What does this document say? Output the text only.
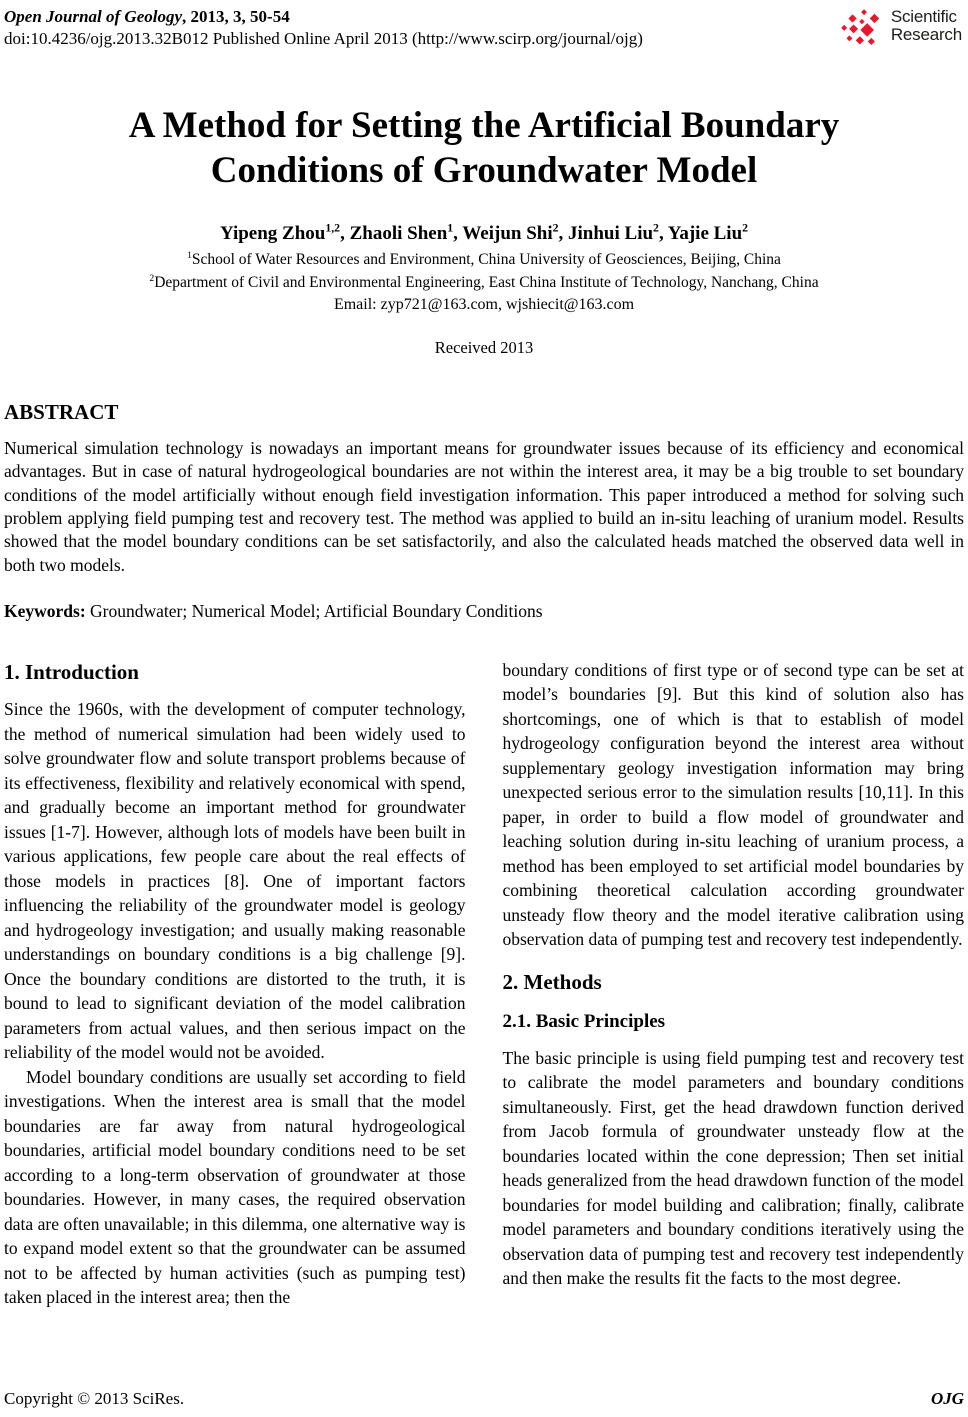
Open Journal of Geology, 2013, 3, 50-54
doi:10.4236/ojg.2013.32B012 Published Online April 2013 (http://www.scirp.org/journal/ojg)
Scientific
Research
A Method for Setting the Artificial Boundary
Conditions of Groundwater Model
Yipeng Zhou$^{1,2}$, Zhaoli Shen$^1$, Weijun Shi$^2$, Jinhui Liu$^2$, Yajie Liu$^2$
$^1$School of Water Resources and Environment, China University of Geosciences, Beijing, China
$^2$Department of Civil and Environmental Engineering, East China Institute of Technology, Nanchang, China
Email: zyp721@163.com, wjshiecit@163.com
Received 2013
ABSTRACT
Numerical simulation technology is nowadays an important means for groundwater issues because of its efficiency and economical advantages. But in case of natural hydrogeological boundaries are not within the interest area, it may be a big trouble to set boundary conditions of the model artificially without enough field investigation information. This paper introduced a method for solving such problem applying field pumping test and recovery test. The method was applied to build an in-situ leaching of uranium model. Results showed that the model boundary conditions can be set satisfactorily, and also the calculated heads matched the observed data well in both two models.
Keywords: Groundwater; Numerical Model; Artificial Boundary Conditions
1. Introduction

Since the 1960s, with the development of computer technology, the method of numerical simulation had been widely used to solve groundwater flow and solute transport problems because of its effectiveness, flexibility and relatively economical with spend, and gradually become an important method for groundwater issues [1-7]. However, although lots of models have been built in various applications, few people care about the real effects of those models in practices [8]. One of important factors influencing the reliability of the groundwater model is geology and hydrogeology investigation; and usually making reasonable understandings on boundary conditions is a big challenge [9]. Once the boundary conditions are distorted to the truth, it is bound to lead to significant deviation of the model calibration parameters from actual values, and then serious impact on the reliability of the model would not be avoided.

Model boundary conditions are usually set according to field investigations. When the interest area is small that the model boundaries are far away from natural hydrogeological boundaries, artificial model boundary conditions need to be set according to a long-term observation of groundwater at those boundaries. However, in many cases, the required observation data are often unavailable; in this dilemma, one alternative way is to expand model extent so that the groundwater can be assumed not to be affected by human activities (such as pumping test) taken placed in the interest area; then the

boundary conditions of first type or of second type can be set at model’s boundaries [9]. But this kind of solution also has shortcomings, one of which is that to establish of model hydrogeology configuration beyond the interest area without supplementary geology investigation information may bring unexpected serious error to the simulation results [10,11]. In this paper, in order to build a flow model of groundwater and leaching solution during in-situ leaching of uranium process, a method has been employed to set artificial model boundaries by combining theoretical calculation according groundwater unsteady flow theory and the model iterative calibration using observation data of pumping test and recovery test independently.

2. Methods
2.1. Basic Principles

The basic principle is using field pumping test and recovery test to calibrate the model parameters and boundary conditions simultaneously. First, get the head drawdown function derived from Jacob formula of groundwater unsteady flow at the boundaries located within the cone depression; Then set initial heads generalized from the head drawdown function of the model boundaries for model building and calibration; finally, calibrate model parameters and boundary conditions iteratively using the observation data of pumping test and recovery test independently and then make the results fit the facts to the most degree.

Copyright © 2013 SciRes.	OJG
